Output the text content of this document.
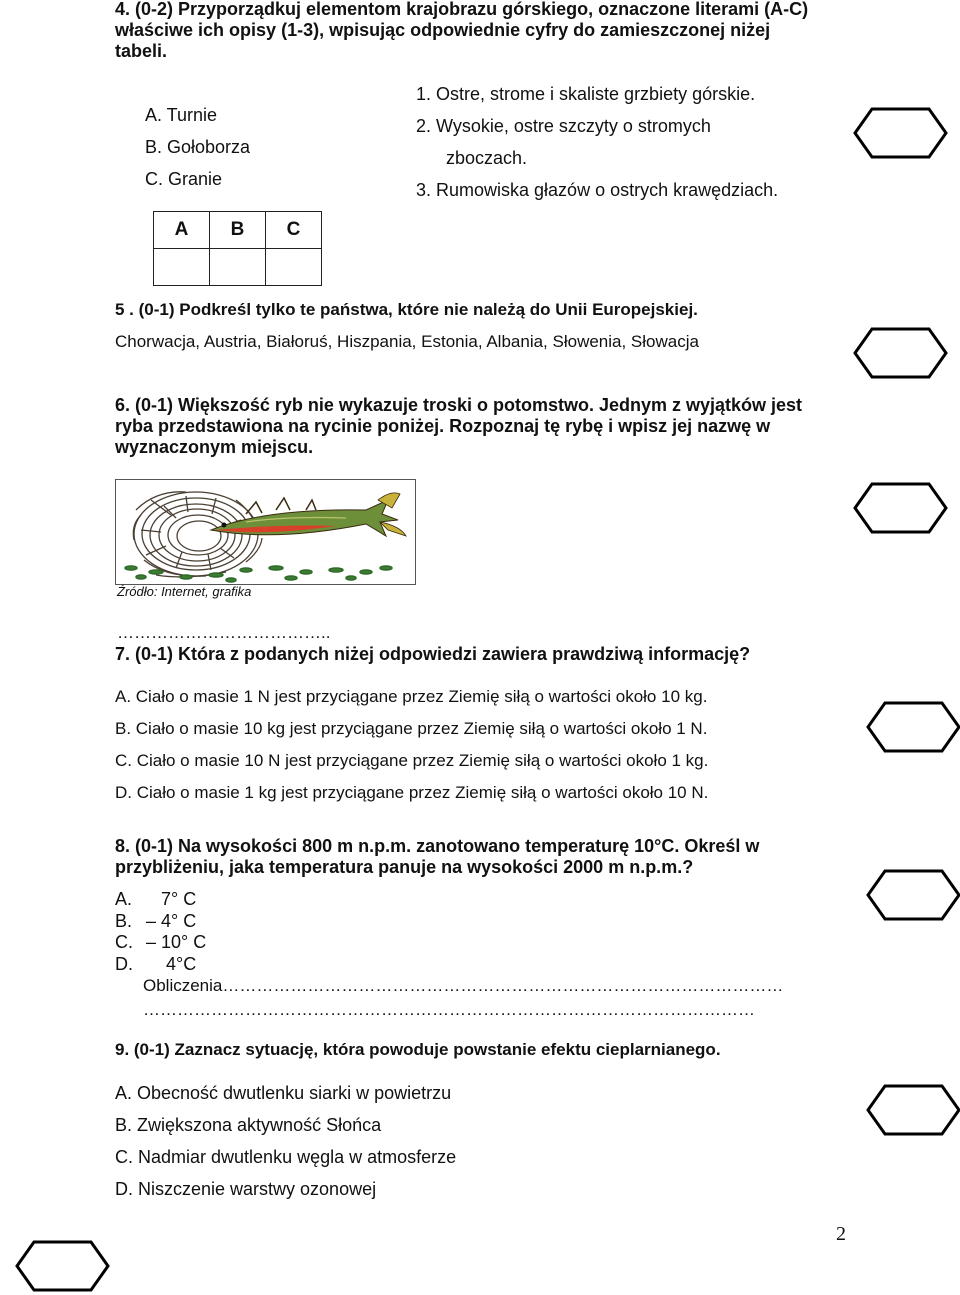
4. (0-2) Przyporządkuj elementom krajobrazu górskiego, oznaczone literami (A-C)
właściwe ich opisy (1-3), wpisując odpowiednie cyfry do zamieszczonej niżej
tabeli.
A. Turnie
B. Gołoborza
C. Granie
1. Ostre, strome i skaliste grzbiety górskie.
2. Wysokie, ostre szczyty o stromych
zboczach.
3. Rumowiska głazów o ostrych krawędziach.
A	B	C

5 . (0-1) Podkreśl tylko te państwa, które nie należą do Unii Europejskiej.
Chorwacja, Austria, Białoruś, Hiszpania, Estonia, Albania, Słowenia, Słowacja
6. (0-1) Większość ryb nie wykazuje troski o potomstwo. Jednym z wyjątków jest
ryba przedstawiona na rycinie poniżej. Rozpoznaj tę rybę i wpisz jej nazwę w
wyznaczonym miejscu.
Źródło: Internet, grafika
………………………………..
7. (0-1) Która z podanych niżej odpowiedzi zawiera prawdziwą informację?
A. Ciało o masie 1 N jest przyciągane przez Ziemię siłą o wartości około 10 kg.
B. Ciało o masie 10 kg jest przyciągane przez Ziemię siłą o wartości około 1 N.
C. Ciało o masie 10 N jest przyciągane przez Ziemię siłą o wartości około 1 kg.
D. Ciało o masie 1 kg jest przyciągane przez Ziemię siłą o wartości około 10 N.
8. (0-1) Na wysokości 800 m n.p.m. zanotowano temperaturę 10°C. Określ w
przybliżeniu, jaka temperatura panuje na wysokości 2000 m n.p.m.?
A. 7° C
B. – 4° C
C. – 10° C
D. 4°C
Obliczenia………………………………………………………………………………………
………………………………………………………………………………………………
9. (0-1) Zaznacz sytuację, która powoduje powstanie efektu cieplarnianego.
A. Obecność dwutlenku siarki w powietrzu
B. Zwiększona aktywność Słońca
C. Nadmiar dwutlenku węgla w atmosferze
D. Niszczenie warstwy ozonowej
2
